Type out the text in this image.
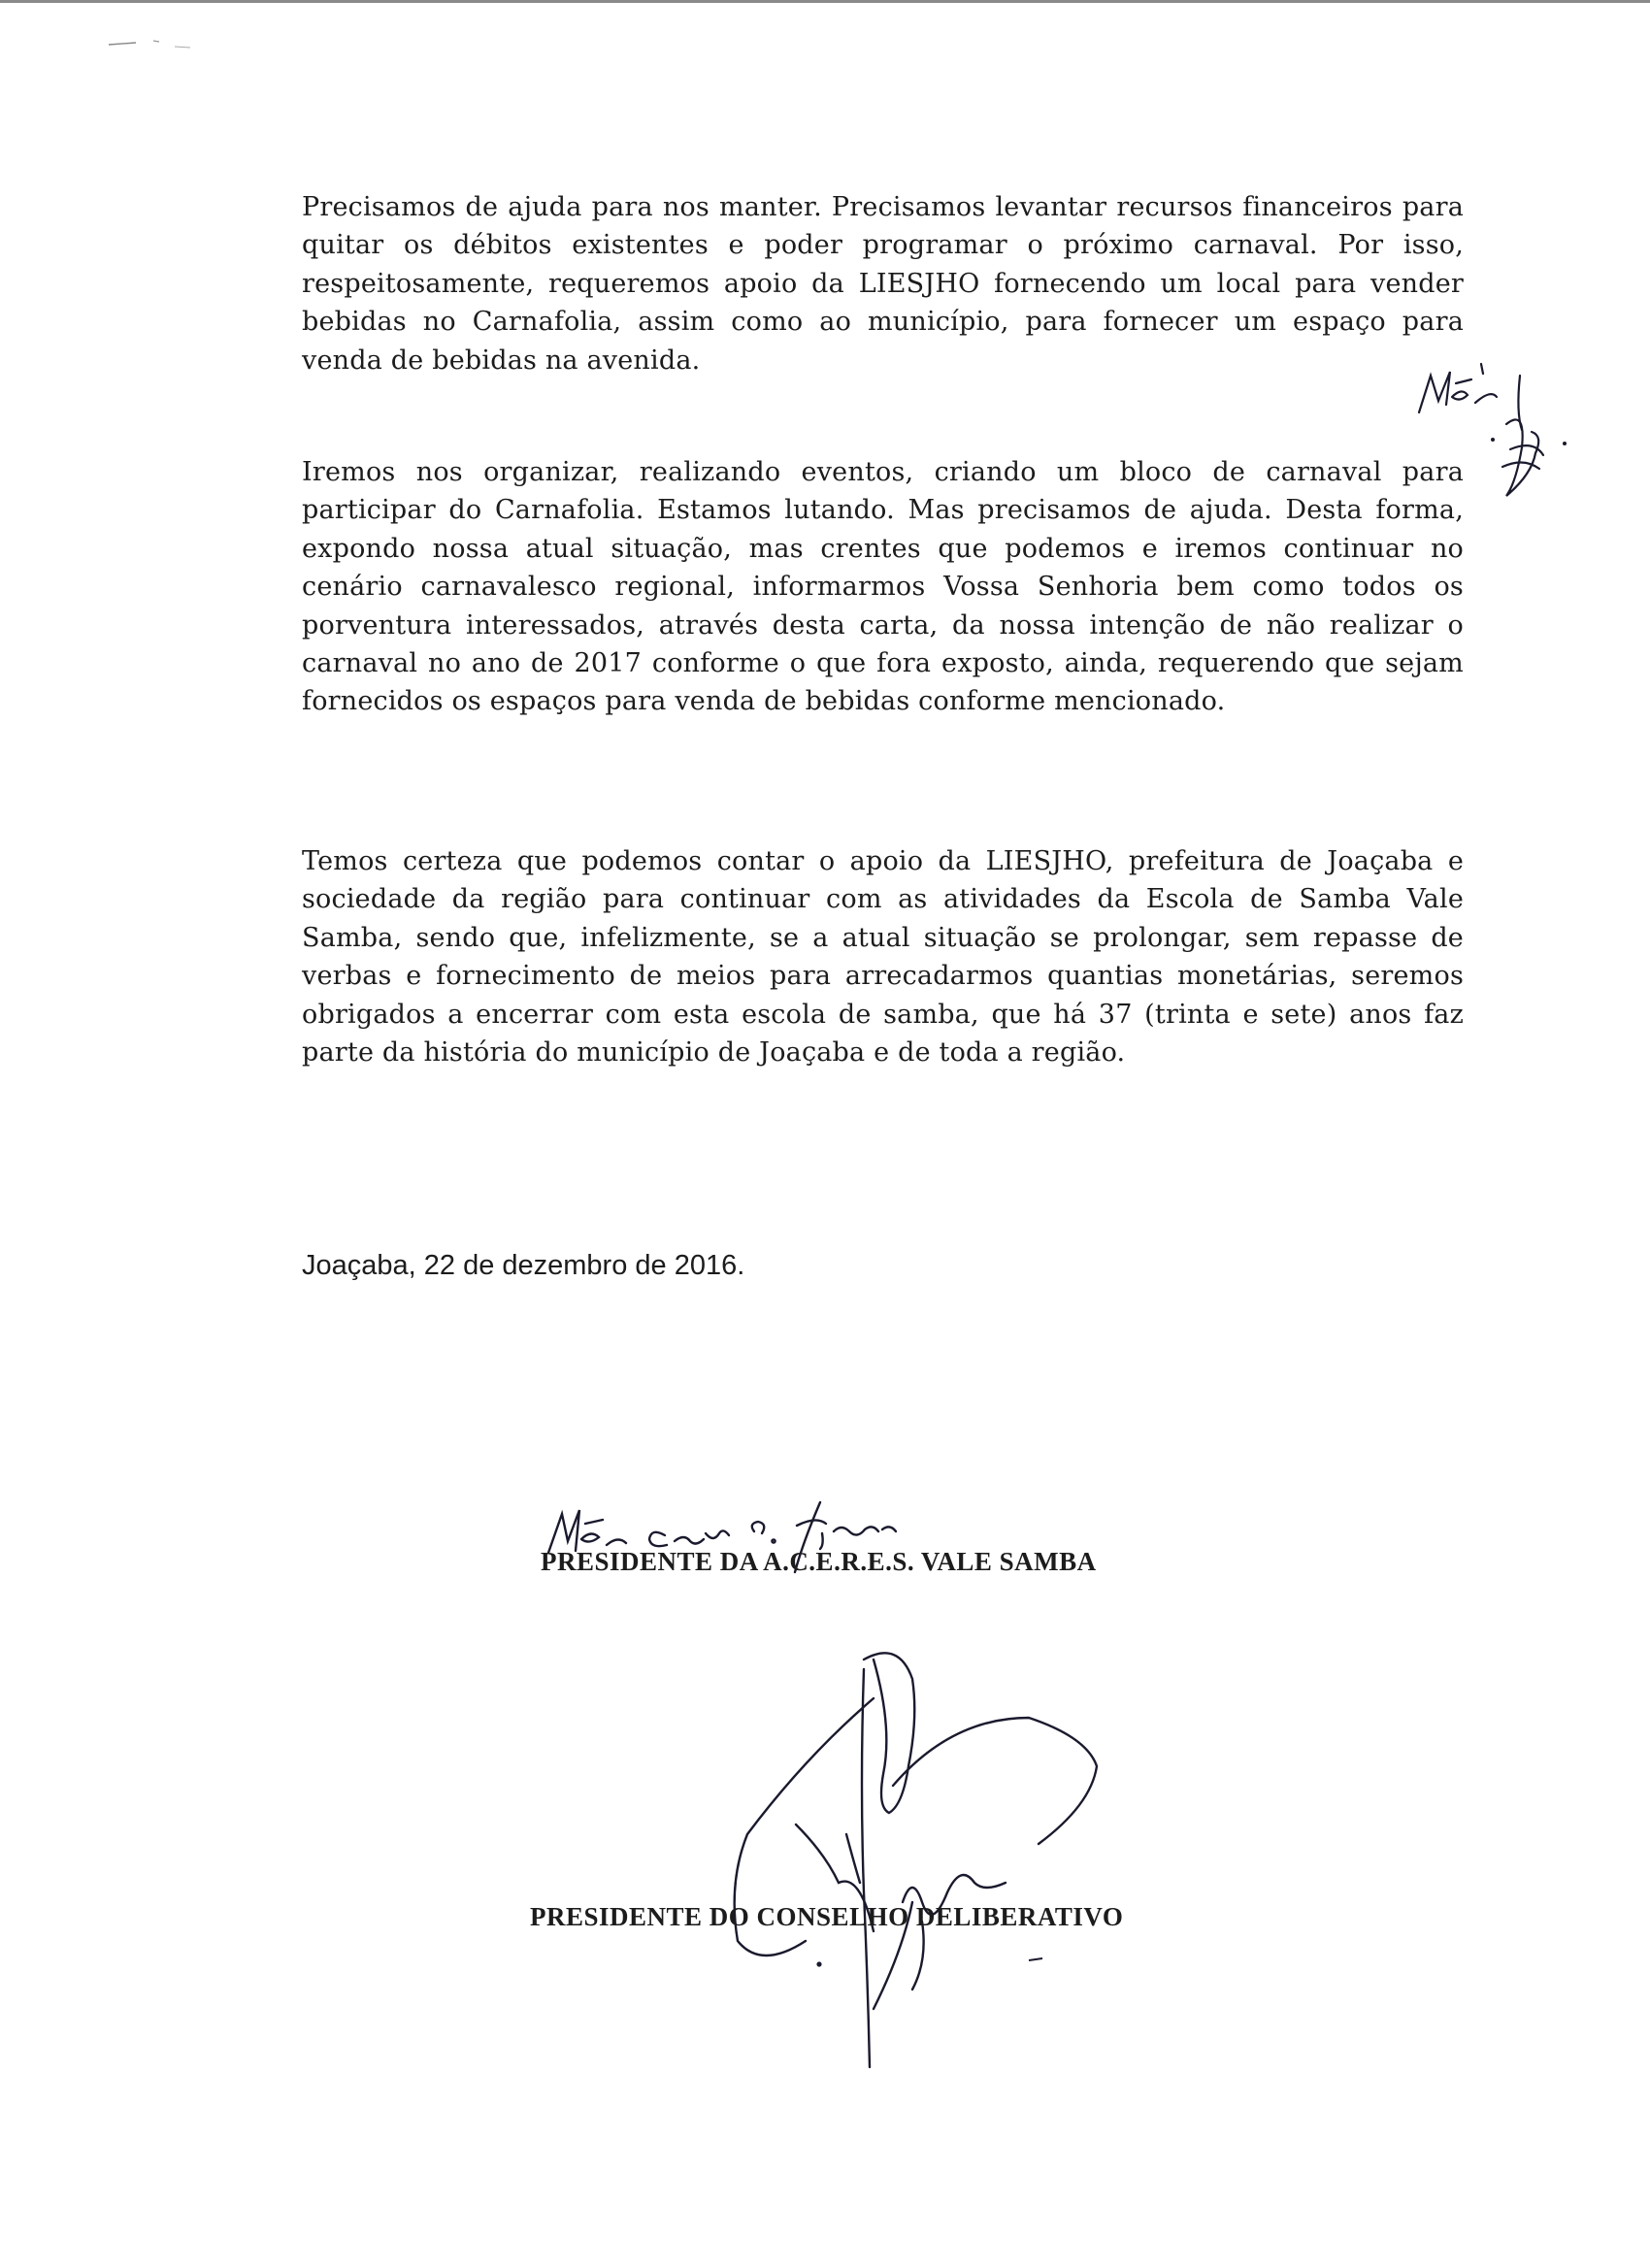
Precisamos de ajuda para nos manter. Precisamos levantar recursos financeiros para quitar os débitos existentes e poder programar o próximo carnaval. Por isso, respeitosamente, requeremos apoio da LIESJHO fornecendo um local para vender bebidas no Carnafolia, assim como ao município, para fornecer um espaço para venda de bebidas na avenida.

Iremos nos organizar, realizando eventos, criando um bloco de carnaval para participar do Carnafolia. Estamos lutando. Mas precisamos de ajuda. Desta forma, expondo nossa atual situação, mas crentes que podemos e iremos continuar no cenário carnavalesco regional, informarmos Vossa Senhoria bem como todos os porventura interessados, através desta carta, da nossa intenção de não realizar o carnaval no ano de 2017 conforme o que fora exposto, ainda, requerendo que sejam fornecidos os espaços para venda de bebidas conforme mencionado.

Temos certeza que podemos contar o apoio da LIESJHO, prefeitura de Joaçaba e sociedade da região para continuar com as atividades da Escola de Samba Vale Samba, sendo que, infelizmente, se a atual situação se prolongar, sem repasse de verbas e fornecimento de meios para arrecadarmos quantias monetárias, seremos obrigados a encerrar com esta escola de samba, que há 37 (trinta e sete) anos faz parte da história do município de Joaçaba e de toda a região.

Joaçaba, 22 de dezembro de 2016.

PRESIDENTE DA A.C.E.R.E.S. VALE SAMBA

PRESIDENTE DO CONSELHO DELIBERATIVO
